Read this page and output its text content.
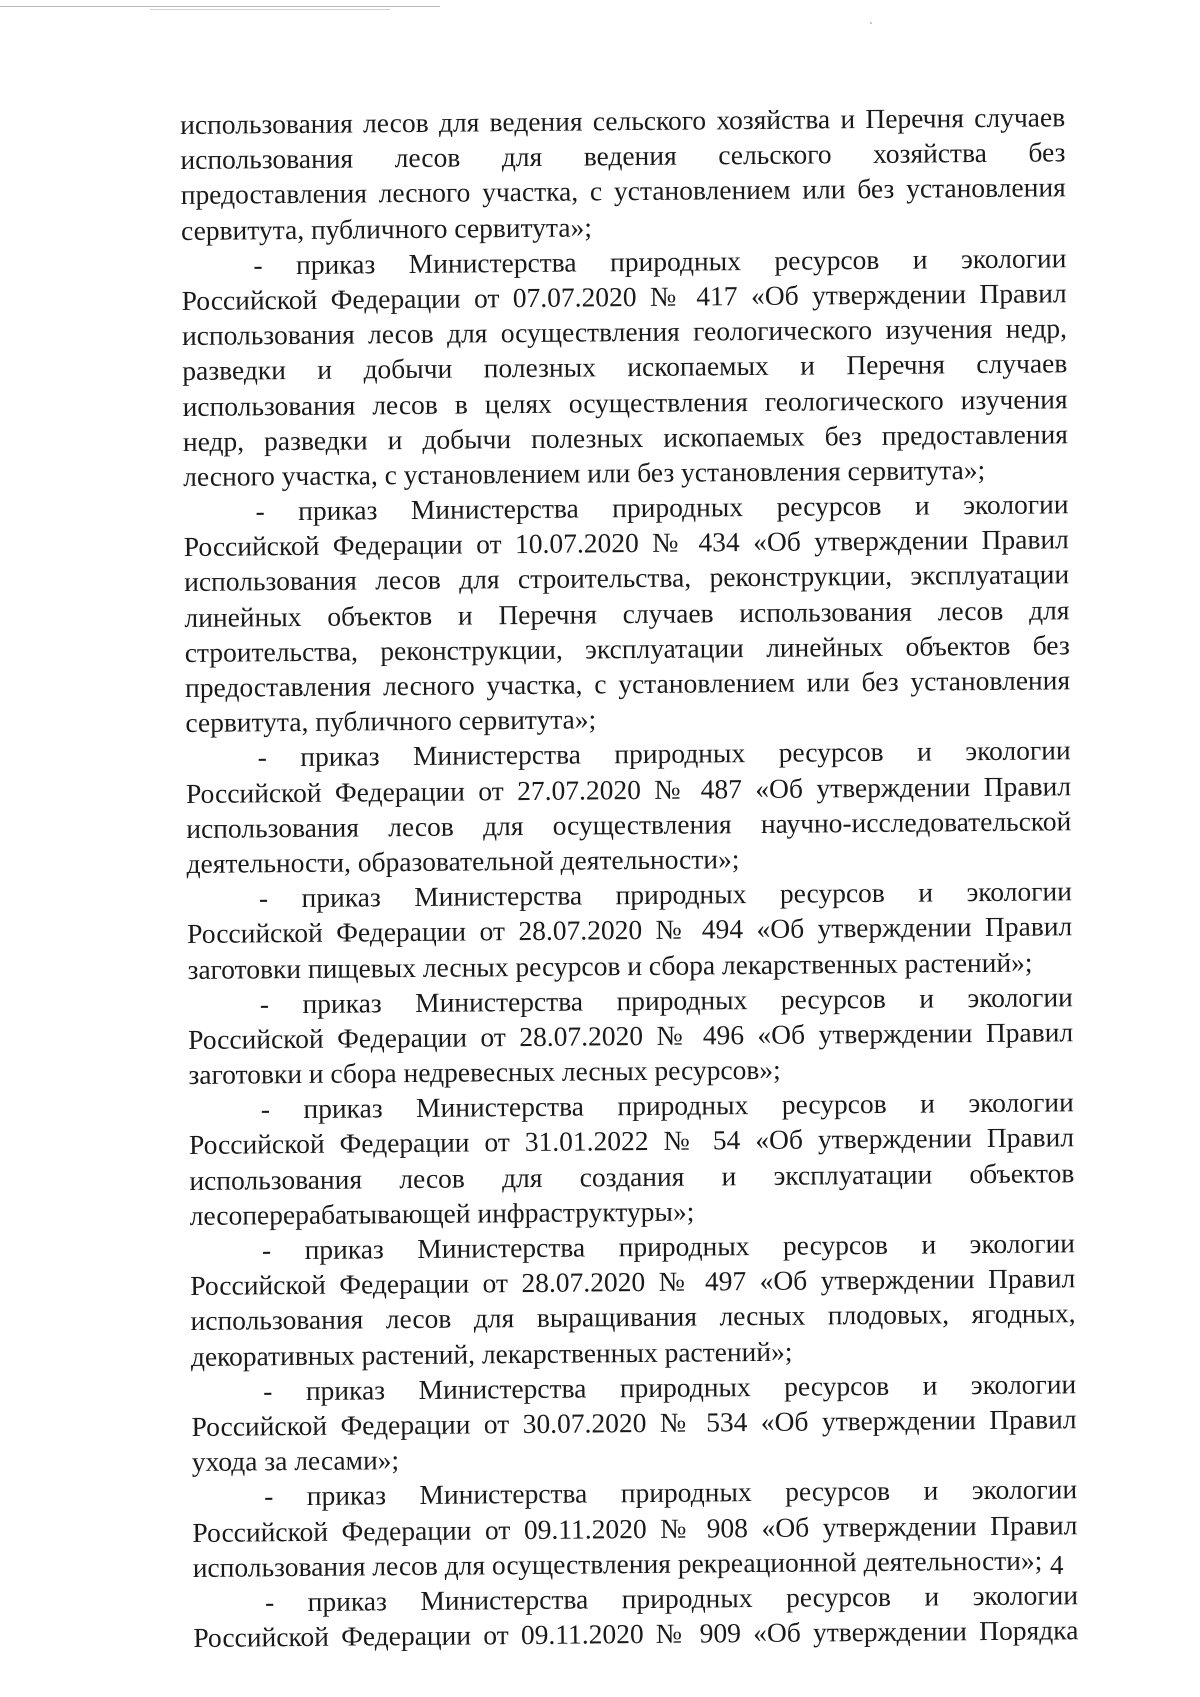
использования лесов для ведения сельского хозяйства и Перечня случаев
использования лесов для ведения сельского хозяйства без
предоставления лесного участка, с установлением или без установления
сервитута, публичного сервитута»;
- приказ Министерства природных ресурсов и экологии
Российской Федерации от 07.07.2020 № 417 «Об утверждении Правил
использования лесов для осуществления геологического изучения недр,
разведки и добычи полезных ископаемых и Перечня случаев
использования лесов в целях осуществления геологического изучения
недр, разведки и добычи полезных ископаемых без предоставления
лесного участка, с установлением или без установления сервитута»;
- приказ Министерства природных ресурсов и экологии
Российской Федерации от 10.07.2020 № 434 «Об утверждении Правил
использования лесов для строительства, реконструкции, эксплуатации
линейных объектов и Перечня случаев использования лесов для
строительства, реконструкции, эксплуатации линейных объектов без
предоставления лесного участка, с установлением или без установления
сервитута, публичного сервитута»;
- приказ Министерства природных ресурсов и экологии
Российской Федерации от 27.07.2020 № 487 «Об утверждении Правил
использования лесов для осуществления научно-исследовательской
деятельности, образовательной деятельности»;
- приказ Министерства природных ресурсов и экологии
Российской Федерации от 28.07.2020 № 494 «Об утверждении Правил
заготовки пищевых лесных ресурсов и сбора лекарственных растений»;
- приказ Министерства природных ресурсов и экологии
Российской Федерации от 28.07.2020 № 496 «Об утверждении Правил
заготовки и сбора недревесных лесных ресурсов»;
- приказ Министерства природных ресурсов и экологии
Российской Федерации от 31.01.2022 № 54 «Об утверждении Правил
использования лесов для создания и эксплуатации объектов
лесоперерабатывающей инфраструктуры»;
- приказ Министерства природных ресурсов и экологии
Российской Федерации от 28.07.2020 № 497 «Об утверждении Правил
использования лесов для выращивания лесных плодовых, ягодных,
декоративных растений, лекарственных растений»;
- приказ Министерства природных ресурсов и экологии
Российской Федерации от 30.07.2020 № 534 «Об утверждении Правил
ухода за лесами»;
- приказ Министерства природных ресурсов и экологии
Российской Федерации от 09.11.2020 № 908 «Об утверждении Правил
использования лесов для осуществления рекреационной деятельности»;
- приказ Министерства природных ресурсов и экологии
Российской Федерации от 09.11.2020 № 909 «Об утверждении Порядка
4
